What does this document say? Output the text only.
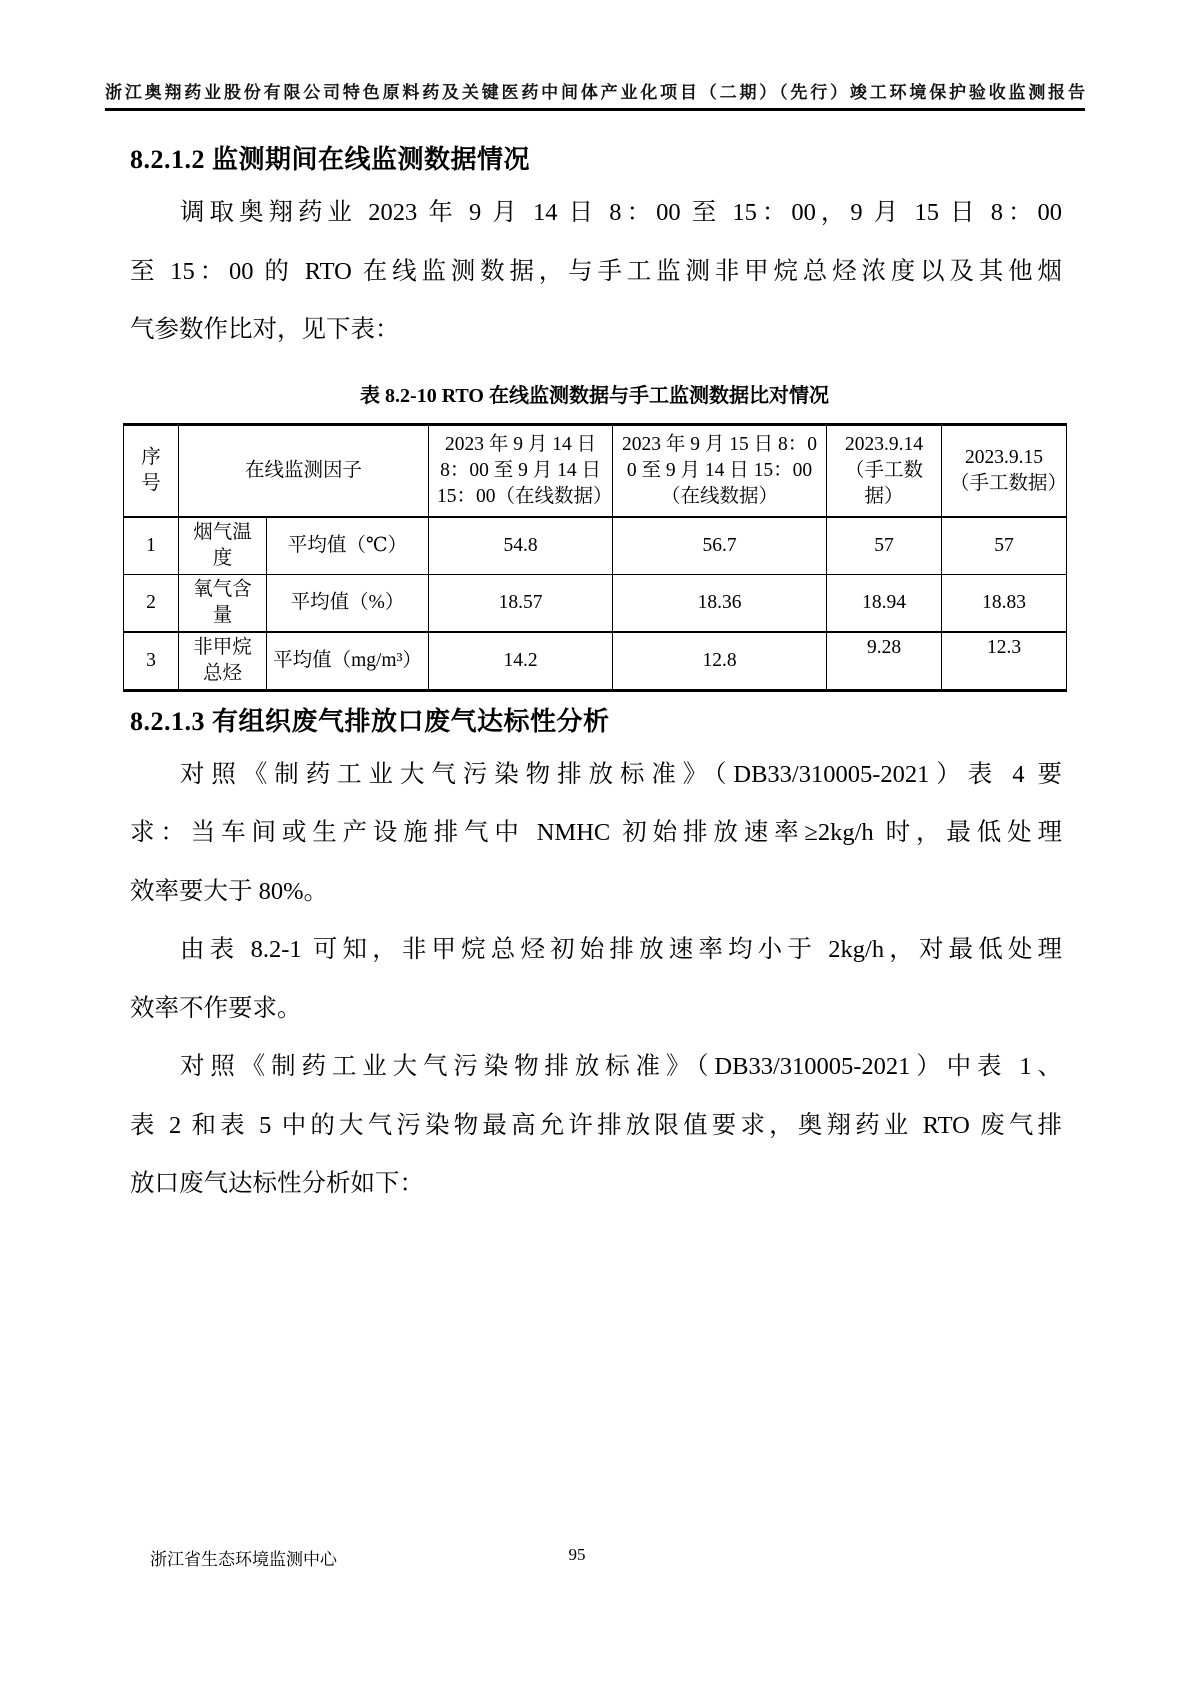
浙江奥翔药业股份有限公司特色原料药及关键医药中间体产业化项目（二期）（先行）竣工环境保护验收监测报告
8.2.1.2 监测期间在线监测数据情况
调取奥翔药业 2023 年 9 月 14 日 8：00 至 15：00，9 月 15 日 8：00
至 15：00 的 RTO 在线监测数据，与手工监测非甲烷总烃浓度以及其他烟
气参数作比对，见下表：
表 8.2-10 RTO 在线监测数据与手工监测数据比对情况
序号	在线监测因子		2023 年 9 月 14 日 8：00 至 9 月 14 日 15：00（在线数据）	2023 年 9 月 15 日 8：00 至 9 月 14 日 15：00（在线数据）	2023.9.14（手工数据）	2023.9.15（手工数据）
1	烟气温度	平均值（℃）	54.8	56.7	57	57
2	氧气含量	平均值（%）	18.57	18.36	18.94	18.83
3	非甲烷总烃	平均值（mg/m³）	14.2	12.8	9.28	12.3
8.2.1.3 有组织废气排放口废气达标性分析
对照《制药工业大气污染物排放标准》（DB33/310005-2021）表 4 要
求：当车间或生产设施排气中 NMHC 初始排放速率≥2kg/h 时，最低处理
效率要大于 80%。
由表 8.2-1 可知，非甲烷总烃初始排放速率均小于 2kg/h，对最低处理
效率不作要求。
对照《制药工业大气污染物排放标准》（DB33/310005-2021）中表 1、
表 2 和表 5 中的大气污染物最高允许排放限值要求，奥翔药业 RTO 废气排
放口废气达标性分析如下：
浙江省生态环境监测中心	95
